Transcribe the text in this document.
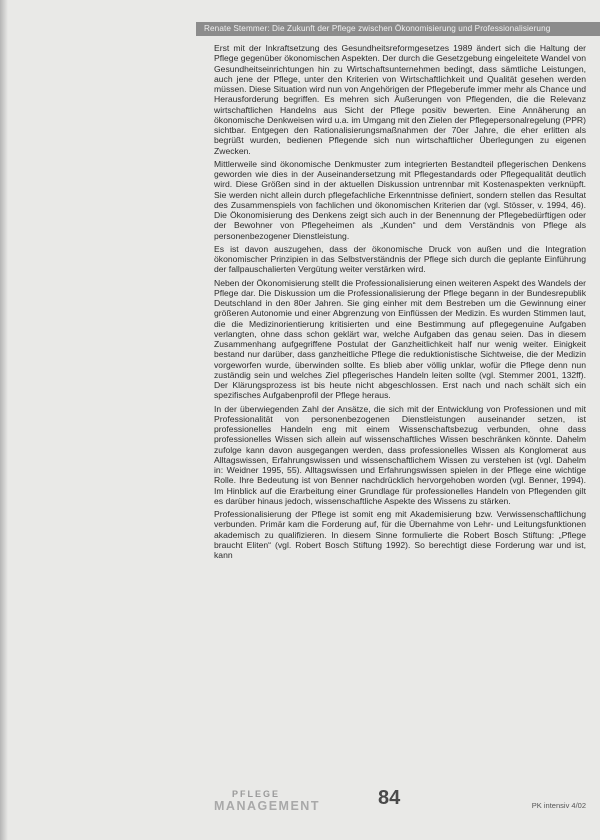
Renate Stemmer: Die Zukunft der Pflege zwischen Ökonomisierung und Professionalisierung

Erst mit der Inkraftsetzung des Gesundheitsreformgesetzes 1989 ändert sich die Haltung der Pflege gegenüber ökonomischen Aspekten. Der durch die Gesetzgebung eingeleitete Wandel von Gesundheitseinrichtungen hin zu Wirtschaftsunternehmen bedingt, dass sämtliche Leistungen, auch jene der Pflege, unter den Kriterien von Wirtschaftlichkeit und Qualität gesehen werden müssen. Diese Situation wird nun von Angehörigen der Pflegeberufe immer mehr als Chance und Herausforderung begriffen. Es mehren sich Äußerungen von Pflegenden, die die Relevanz wirtschaftlichen Handelns aus Sicht der Pflege positiv bewerten. Eine Annäherung an ökonomische Denkweisen wird u.a. im Umgang mit den Zielen der Pflegepersonalregelung (PPR) sichtbar. Entgegen den Rationalisierungsmaßnahmen der 70er Jahre, die eher erlitten als begrüßt wurden, bedienen Pflegende sich nun wirtschaftlicher Überlegungen zu eigenen Zwecken.

Mittlerweile sind ökonomische Denkmuster zum integrierten Bestandteil pflegerischen Denkens geworden wie dies in der Auseinandersetzung mit Pflegestandards oder Pflegequalität deutlich wird. Diese Größen sind in der aktuellen Diskussion untrennbar mit Kostenaspekten verknüpft. Sie werden nicht allein durch pflegefachliche Erkenntnisse definiert, sondern stellen das Resultat des Zusammenspiels von fachlichen und ökonomischen Kriterien dar (vgl. Stösser, v. 1994, 46). Die Ökonomisierung des Denkens zeigt sich auch in der Benennung der Pflegebedürftigen oder der Bewohner von Pflegeheimen als „Kunden“ und dem Verständnis von Pflege als personenbezogener Dienstleistung.

Es ist davon auszugehen, dass der ökonomische Druck von außen und die Integration ökonomischer Prinzipien in das Selbstverständnis der Pflege sich durch die geplante Einführung der fallpauschalierten Vergütung weiter verstärken wird.

Neben der Ökonomisierung stellt die Professionalisierung einen weiteren Aspekt des Wandels der Pflege dar. Die Diskussion um die Professionalisierung der Pflege begann in der Bundesrepublik Deutschland in den 80er Jahren. Sie ging einher mit dem Bestreben um die Gewinnung einer größeren Autonomie und einer Abgrenzung von Einflüssen der Medizin. Es wurden Stimmen laut, die die Medizinorientierung kritisierten und eine Bestimmung auf pflegegenuine Aufgaben verlangten, ohne dass schon geklärt war, welche Aufgaben das genau seien. Das in diesem Zusammenhang aufgegriffene Postulat der Ganzheitlichkeit half nur wenig weiter. Einigkeit bestand nur darüber, dass ganzheitliche Pflege die reduktionistische Sichtweise, die der Medizin vorgeworfen wurde, überwinden sollte. Es blieb aber völlig unklar, wofür die Pflege denn nun zuständig sein und welches Ziel pflegerisches Handeln leiten sollte (vgl. Stemmer 2001, 132ff). Der Klärungsprozess ist bis heute nicht abgeschlossen. Erst nach und nach schält sich ein spezifisches Aufgabenprofil der Pflege heraus.

In der überwiegenden Zahl der Ansätze, die sich mit der Entwicklung von Professionen und mit Professionalität von personenbezogenen Dienstleistungen auseinander setzen, ist professionelles Handeln eng mit einem Wissenschaftsbezug verbunden, ohne dass professionelles Wissen sich allein auf wissenschaftliches Wissen beschränken könnte. Dahelm zufolge kann davon ausgegangen werden, dass professionelles Wissen als Konglomerat aus Alltagswissen, Erfahrungswissen und wissenschaftlichem Wissen zu verstehen ist (vgl. Dahelm in: Weidner 1995, 55). Alltagswissen und Erfahrungswissen spielen in der Pflege eine wichtige Rolle. Ihre Bedeutung ist von Benner nachdrücklich hervorgehoben worden (vgl. Benner, 1994). Im Hinblick auf die Erarbeitung einer Grundlage für professionelles Handeln von Pflegenden gilt es darüber hinaus jedoch, wissenschaftliche Aspekte des Wissens zu stärken.

Professionalisierung der Pflege ist somit eng mit Akademisierung bzw. Verwissenschaftlichung verbunden. Primär kam die Forderung auf, für die Übernahme von Lehr- und Leitungsfunktionen akademisch zu qualifizieren. In diesem Sinne formulierte die Robert Bosch Stiftung: „Pflege braucht Eliten“ (vgl. Robert Bosch Stiftung 1992). So berechtigt diese Forderung war und ist, kann

PFLEGE
MANAGEMENT	84	PK intensiv 4/02
